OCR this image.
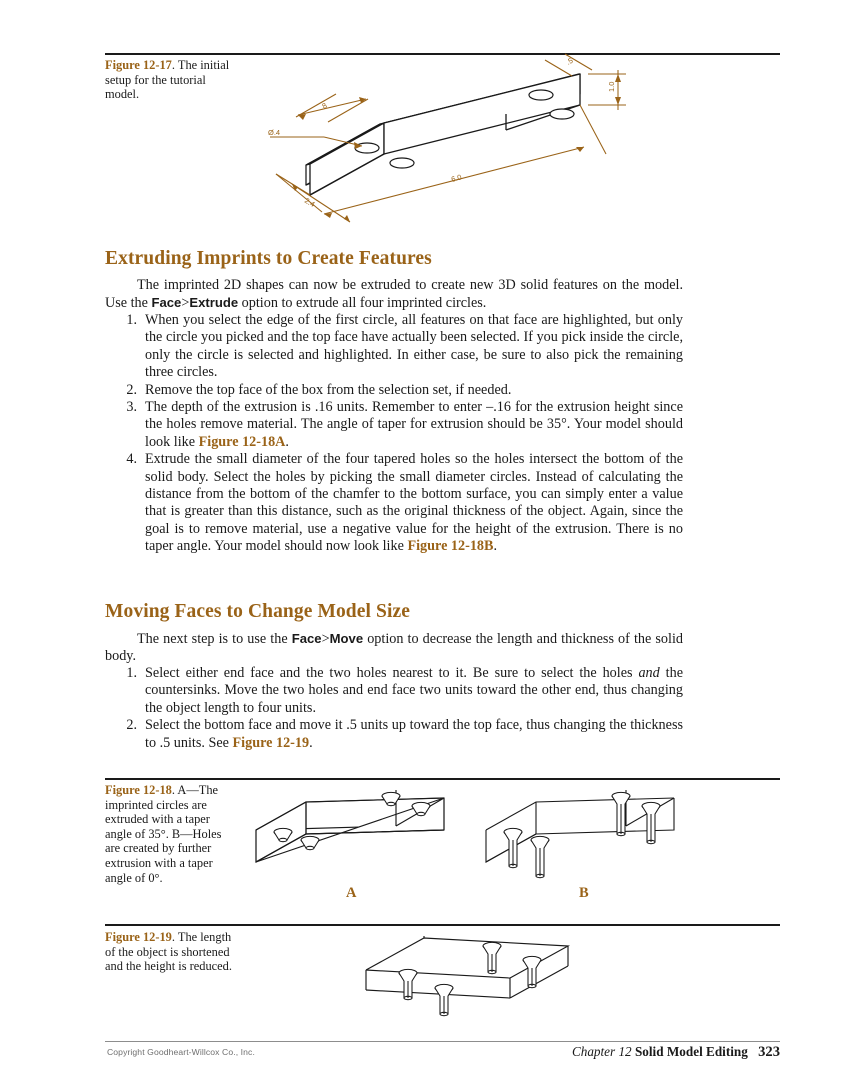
Figure 12-17. The initial setup for the tutorial model.
.8
Ø.4
.5
1.0
2.4
6.0
Extruding Imprints to Create Features
The imprinted 2D shapes can now be extruded to create new 3D solid features on the model. Use the Face>Extrude option to extrude all four imprinted circles.
1. When you select the edge of the first circle, all features on that face are highlighted, but only the circle you picked and the top face have actually been selected. If you pick inside the circle, only the circle is selected and highlighted. In either case, be sure to also pick the remaining three circles.
2. Remove the top face of the box from the selection set, if needed.
3. The depth of the extrusion is .16 units. Remember to enter –.16 for the extrusion height since the holes remove material. The angle of taper for extrusion should be 35°. Your model should look like Figure 12-18A.
4. Extrude the small diameter of the four tapered holes so the holes intersect the bottom of the solid body. Select the holes by picking the small diameter circles. Instead of calculating the distance from the bottom of the chamfer to the bottom surface, you can simply enter a value that is greater than this distance, such as the original thickness of the object. Again, since the goal is to remove material, use a negative value for the height of the extrusion. There is no taper angle. Your model should now look like Figure 12-18B.
Moving Faces to Change Model Size
The next step is to use the Face>Move option to decrease the length and thickness of the solid body.
1. Select either end face and the two holes nearest to it. Be sure to select the holes and the countersinks. Move the two holes and end face two units toward the other end, thus changing the object length to four units.
2. Select the bottom face and move it .5 units up toward the top face, thus changing the thickness to .5 units. See Figure 12-19.
Figure 12-18. A—The imprinted circles are extruded with a taper angle of 35°. B—Holes are created by further extrusion with a taper angle of 0°.
A	B
Figure 12-19. The length of the object is shortened and the height is reduced.
Copyright Goodheart-Willcox Co., Inc.	Chapter 12 Solid Model Editing 323
